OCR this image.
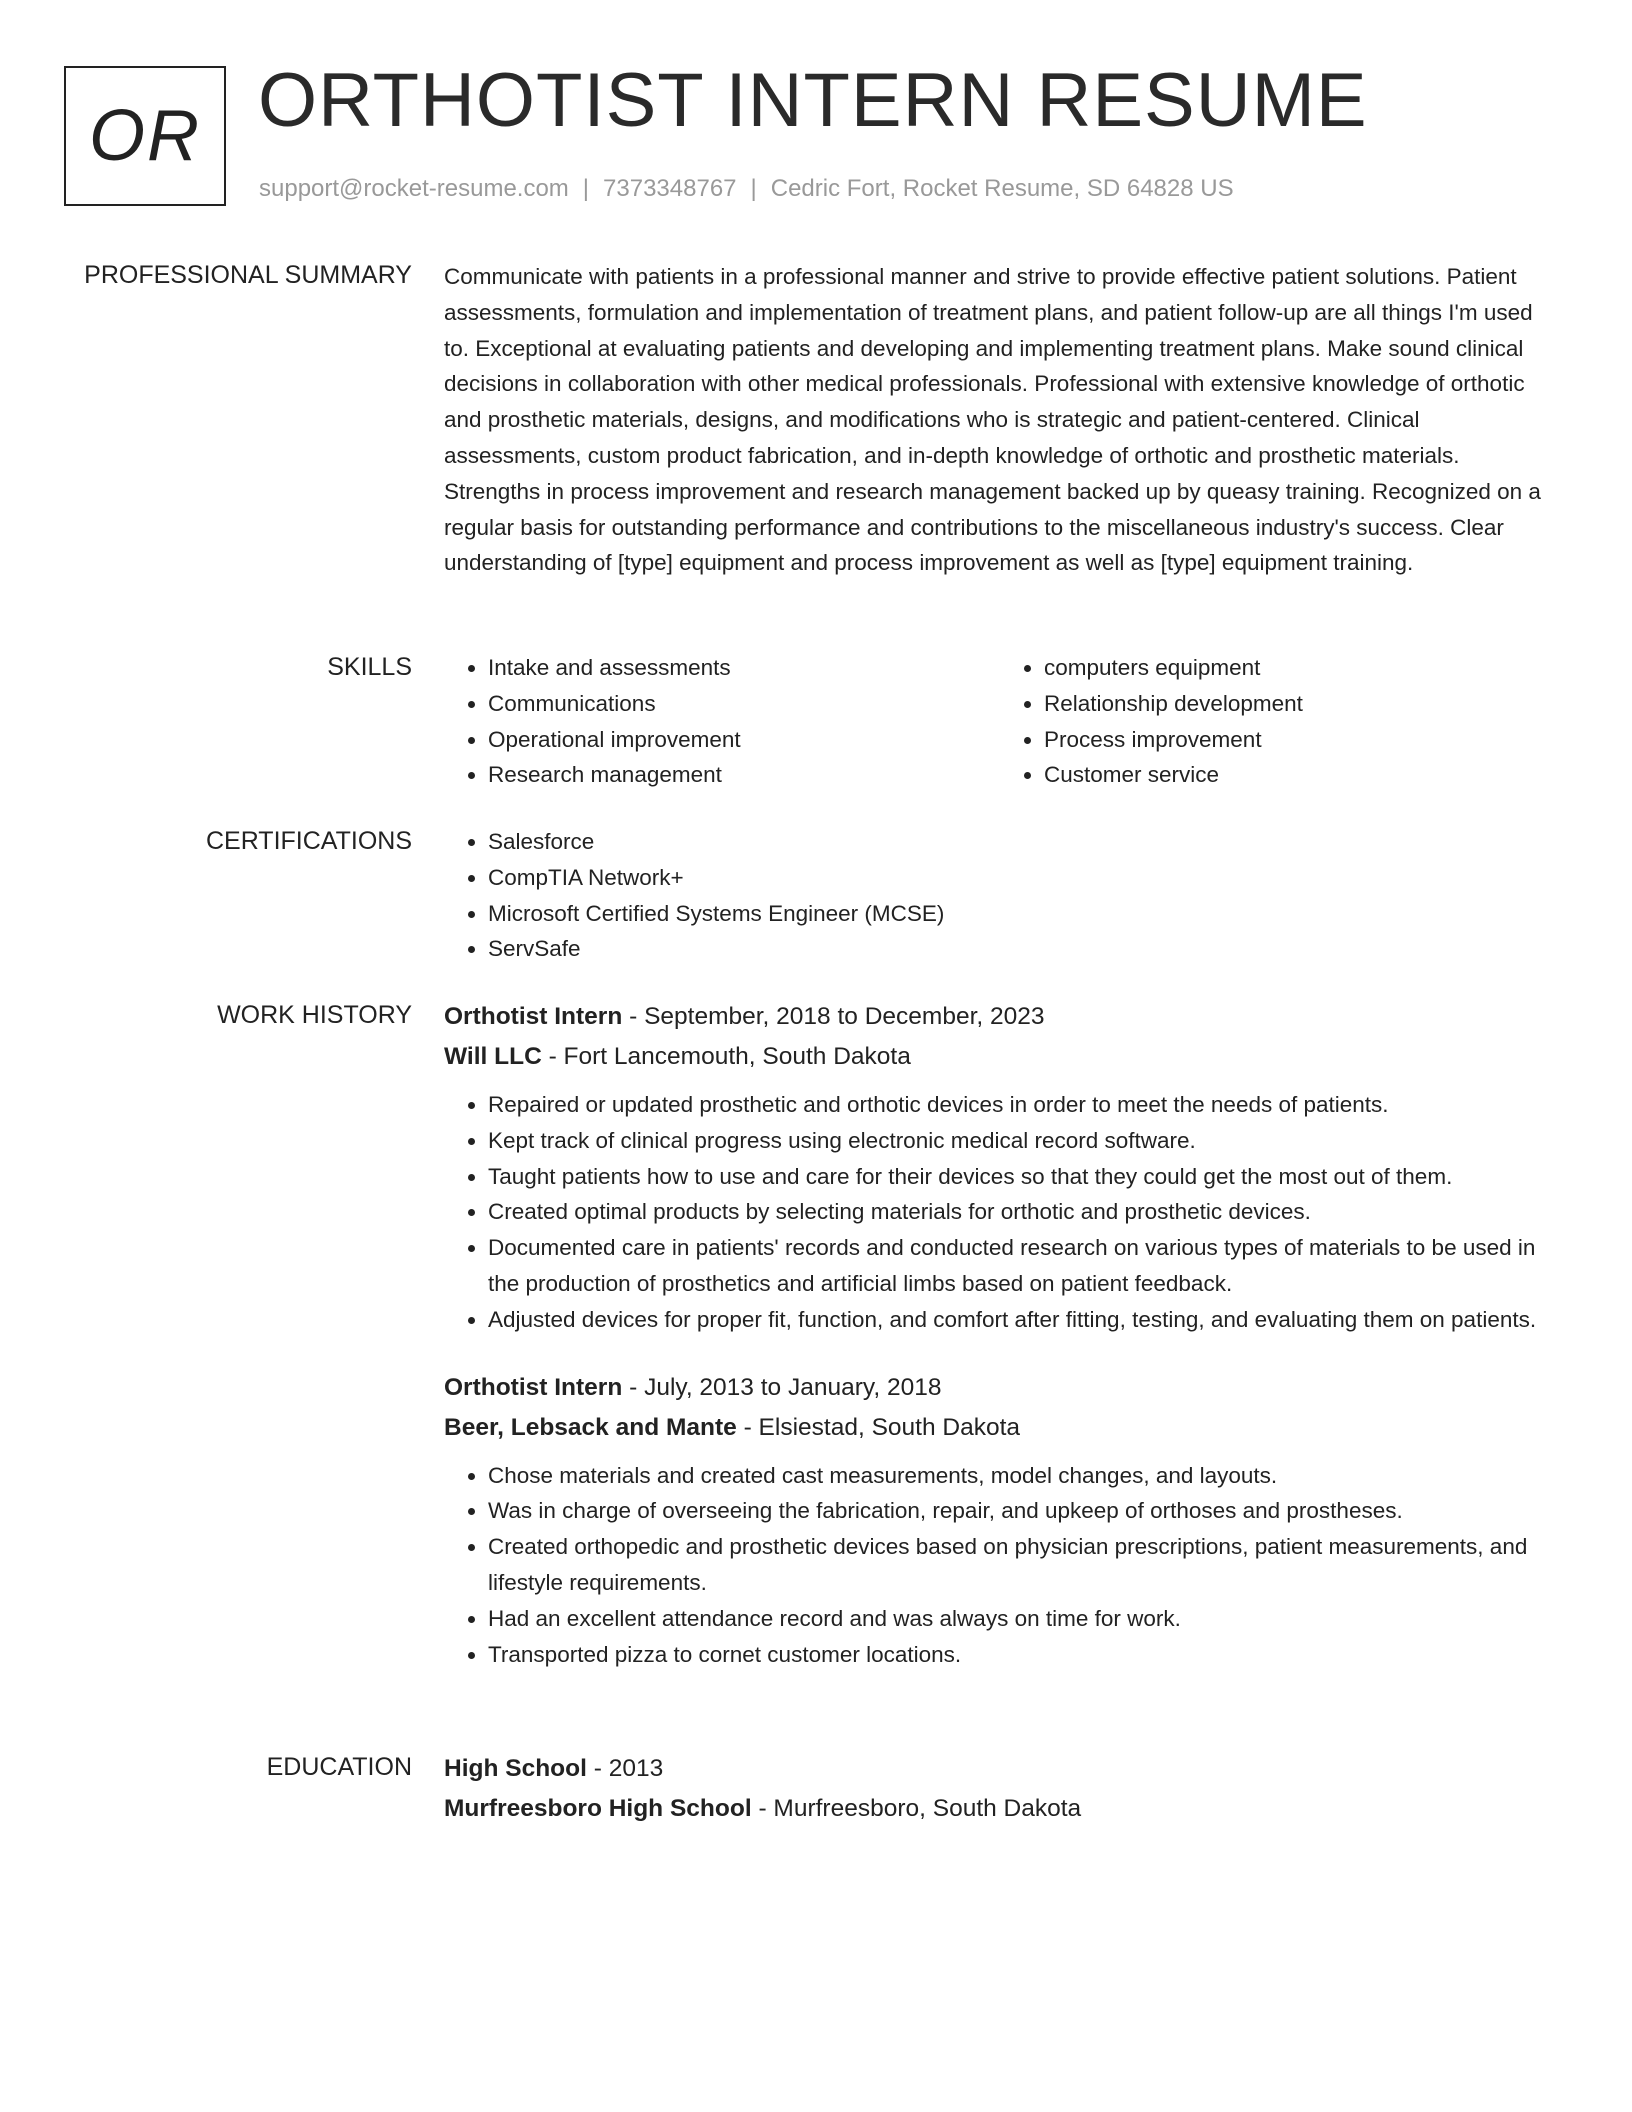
OR ORTHOTIST INTERN RESUME
support@rocket-resume.com | 7373348767 | Cedric Fort, Rocket Resume, SD 64828 US
PROFESSIONAL SUMMARY Communicate with patients in a professional manner and strive to provide effective patient solutions. Patient assessments, formulation and implementation of treatment plans, and patient follow-up are all things I'm used to. Exceptional at evaluating patients and developing and implementing treatment plans. Make sound clinical decisions in collaboration with other medical professionals. Professional with extensive knowledge of orthotic and prosthetic materials, designs, and modifications who is strategic and patient-centered. Clinical assessments, custom product fabrication, and in-depth knowledge of orthotic and prosthetic materials. Strengths in process improvement and research management backed up by queasy training. Recognized on a regular basis for outstanding performance and contributions to the miscellaneous industry's success. Clear understanding of [type] equipment and process improvement as well as [type] equipment training.

SKILLS	• Intake and assessments
• Communications
• Operational improvement
• Research management
• computers equipment
• Relationship development
• Process improvement
• Customer service
CERTIFICATIONS	• Salesforce
• CompTIA Network+
• Microsoft Certified Systems Engineer (MCSE)
• ServSafe
WORK HISTORY Orthotist Intern - September, 2018 to December, 2023
Will LLC - Fort Lancemouth, South Dakota
• Repaired or updated prosthetic and orthotic devices in order to meet the needs of patients.
• Kept track of clinical progress using electronic medical record software.
• Taught patients how to use and care for their devices so that they could get the most out of them.
• Created optimal products by selecting materials for orthotic and prosthetic devices.
• Documented care in patients' records and conducted research on various types of materials to be used in the production of prosthetics and artificial limbs based on patient feedback.
• Adjusted devices for proper fit, function, and comfort after fitting, testing, and evaluating them on patients.
Orthotist Intern - July, 2013 to January, 2018
Beer, Lebsack and Mante - Elsiestad, South Dakota
• Chose materials and created cast measurements, model changes, and layouts.
• Was in charge of overseeing the fabrication, repair, and upkeep of orthoses and prostheses.
• Created orthopedic and prosthetic devices based on physician prescriptions, patient measurements, and lifestyle requirements.
• Had an excellent attendance record and was always on time for work.
• Transported pizza to cornet customer locations.
EDUCATION High School - 2013
Murfreesboro High School - Murfreesboro, South Dakota
